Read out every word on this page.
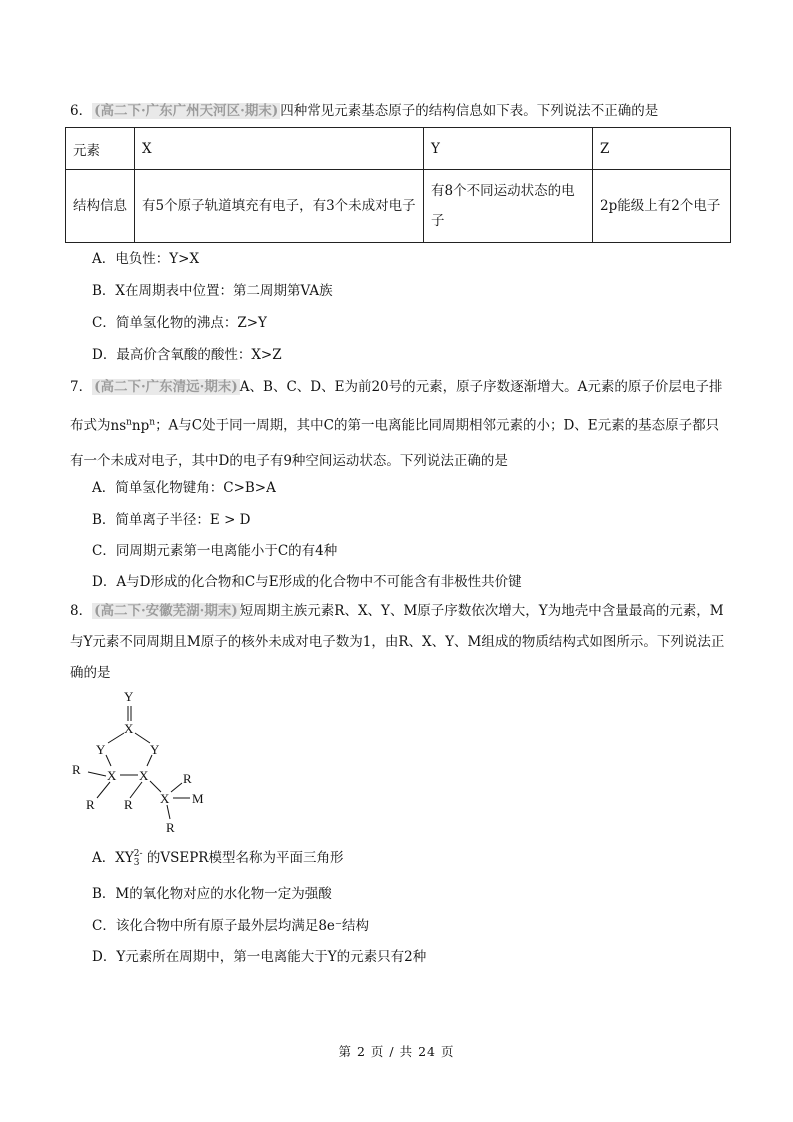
6． (高二下·广东广州天河区·期末) 四种常见元素基态原子的结构信息如下表。下列说法不正确的是
元素	X	Y	Z
结构信息	有5个原子轨道填充有电子，有3个未成对电子	有8个不同运动状态的电子	2p能级上有2个电子
A．电负性：Y>X
B．X在周期表中位置：第二周期第VA族
C．简单氢化物的沸点：Z>Y
D．最高价含氧酸的酸性：X>Z
7． (高二下·广东清远·期末) A、B、C、D、E为前20号的元素，原子序数逐渐增大。A元素的原子价层电子排布式为$ns^nnp^n$；A与C处于同一周期，其中C的第一电离能比同周期相邻元素的小；D、E元素的基态原子都只有一个未成对电子，其中D的电子有9种空间运动状态。下列说法正确的是
A．简单氢化物键角：C>B>A
B．简单离子半径：E > D
C．同周期元素第一电离能小于C的有4种
D．A与D形成的化合物和C与E形成的化合物中不可能含有非极性共价键
8． (高二下·安徽芜湖·期末) 短周期主族元素R、X、Y、M原子序数依次增大，Y为地壳中含量最高的元素，M与Y元素不同周期且M原子的核外未成对电子数为1，由R、X、Y、M组成的物质结构式如图所示。下列说法正确的是
Y
X
Y	Y
R X X
R R
R
X M
R
A．XY 2-
3 的VSEPR模型名称为平面三角形
B．M的氧化物对应的水化物一定为强酸
C．该化合物中所有原子最外层均满足8e⁻结构
D．Y元素所在周期中，第一电离能大于Y的元素只有2种
第 2 页 / 共 24 页
